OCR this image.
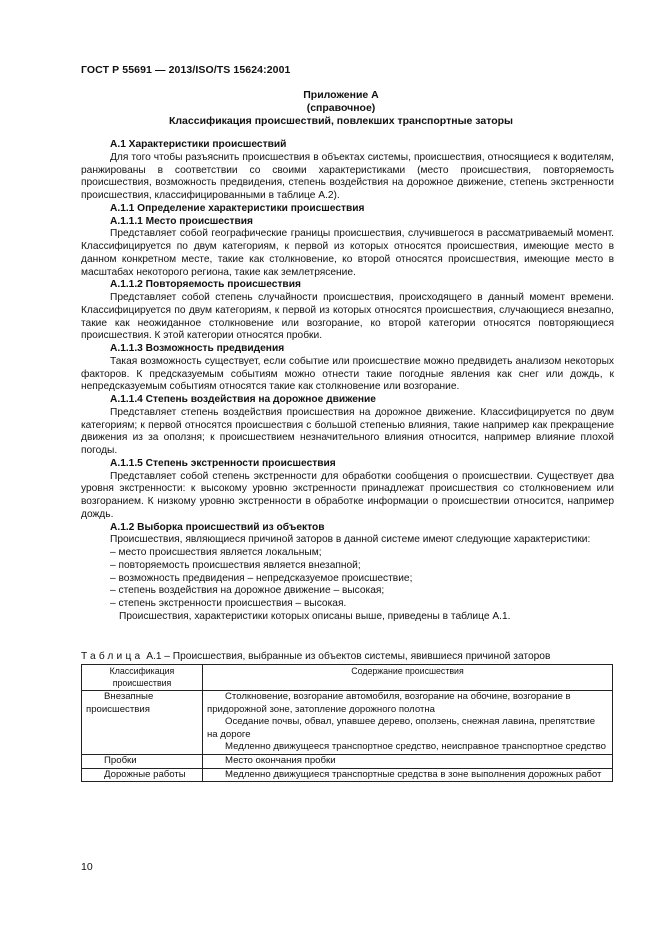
ГОСТ Р 55691 — 2013/ISO/TS 15624:2001
Приложение А
(справочное)
Классификация происшествий, повлекших транспортные заторы
А.1 Характеристики происшествий

Для того чтобы разъяснить происшествия в объектах системы, происшествия, относящиеся к водителям, ранжированы в соответствии со своими характеристиками (место происшествия, повторяемость происшествия, возможность предвидения, степень воздействия на дорожное движение, степень экстренности происшествия, классифицированными в таблице А.2).

А.1.1 Определение характеристики происшествия
А.1.1.1 Место происшествия

Представляет собой географические границы происшествия, случившегося в рассматриваемый момент. Классифицируется по двум категориям, к первой из которых относятся происшествия, имеющие место в данном конкретном месте, такие как столкновение, ко второй относятся происшествия, имеющие место в масштабах некоторого региона, такие как землетрясение.

А.1.1.2 Повторяемость происшествия

Представляет собой степень случайности происшествия, происходящего в данный момент времени. Классифицируется по двум категориям, к первой из которых относятся происшествия, случающиеся внезапно, такие как неожиданное столкновение или возгорание, ко второй категории относятся повторяющиеся происшествия. К этой категории относятся пробки.

А.1.1.3 Возможность предвидения

Такая возможность существует, если событие или происшествие можно предвидеть анализом некоторых факторов. К предсказуемым событиям можно отнести такие погодные явления как снег или дождь, к непредсказуемым событиям относятся такие как столкновение или возгорание.

А.1.1.4 Степень воздействия на дорожное движение

Представляет степень воздействия происшествия на дорожное движение. Классифицируется по двум категориям; к первой относятся происшествия с большой степенью влияния, такие например как прекращение движения из за оползня; к происшествием незначительного влияния относится, например влияние плохой погоды.

А.1.1.5 Степень экстренности происшествия

Представляет собой степень экстренности для обработки сообщения о происшествии. Существует два уровня экстренности: к высокому уровню экстренности принадлежат происшествия со столкновением или возгоранием. К низкому уровню экстренности в обработке информации о происшествии относится, например дождь.

А.1.2 Выборка происшествий из объектов

Происшествия, являющиеся причиной заторов в данной системе имеют следующие характеристики:

– место происшествия является локальным;

– повторяемость происшествия является внезапной;

– возможность предвидения – непредсказуемое происшествие;

– степень воздействия на дорожное движение – высокая;

– степень экстренности происшествия – высокая.

Происшествия, характеристики которых описаны выше, приведены в таблице А.1.

Таблица А.1 – Происшествия, выбранные из объектов системы, явившиеся причиной заторов
Классификация происшествия	Содержание происшествия

Внезапные происшествия	Столкновение, возгорание автомобиля, возгорание на обочине, возгорание в придорожной зоне, затопление дорожного полотна

Оседание почвы, обвал, упавшее дерево, оползень, снежная лавина, препятствие на дороге

Медленно движущееся транспортное средство, неисправное транспортное средство

Пробки	Место окончания пробки

Дорожные работы	Медленно движущиеся транспортные средства в зоне выполнения дорожных работ

10
